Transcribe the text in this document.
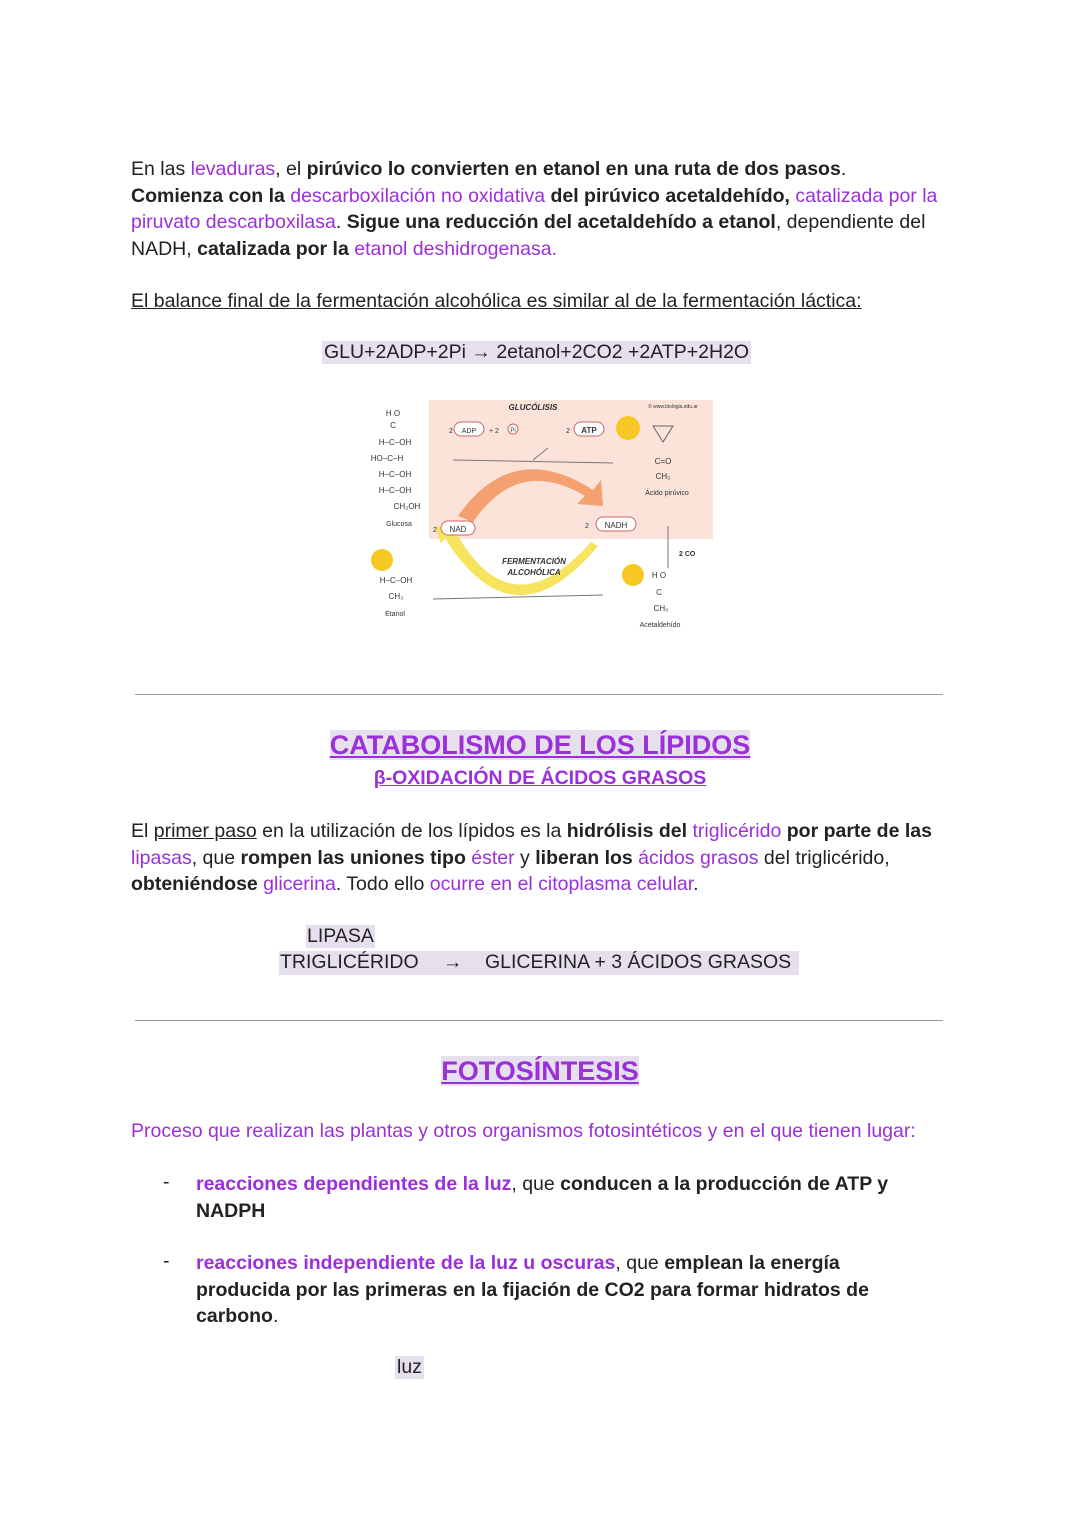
En las levaduras, el pirúvico lo convierten en etanol en una ruta de dos pasos.
Comienza con la descarboxilación no oxidativa del pirúvico acetaldehído, catalizada por la piruvato descarboxilasa. Sigue una reducción del acetaldehído a etanol, dependiente del NADH, catalizada por la etanol deshidrogenasa.

El balance final de la fermentación alcohólica es similar al de la fermentación láctica:

GLU+2ADP+2Pi → 2etanol+2CO2 +2ATP+2H2O
GLUCÓLISIS	© www.biologia.edu.ar
2 ADP + 2 Pi	2 ATP
2 NAD	2 NADH
2 CO
FERMENTACIÓN
ALCOHÓLICA
H O
C
H–C–OH
HO–C–H
H–C–OH
H–C–OH
CH₂OH
Glucosa
C=O
CH₃
Ácido pirúvico
H O
C
CH₃
Acetaldehído
H–C–OH
CH₃
Etanol
CATABOLISMO DE LOS LÍPIDOS
β-OXIDACIÓN DE ÁCIDOS GRASOS

El primer paso en la utilización de los lípidos es la hidrólisis del triglicérido por parte de las lipasas, que rompen las uniones tipo éster y liberan los ácidos grasos del triglicérido, obteniéndose glicerina. Todo ello ocurre en el citoplasma celular.

LIPASA
TRIGLICÉRIDO → GLICERINA + 3 ÁCIDOS GRASOS
FOTOSÍNTESIS

Proceso que realizan las plantas y otros organismos fotosintéticos y en el que tienen lugar:

- reacciones dependientes de la luz, que conducen a la producción de ATP y NADPH

- reacciones independiente de la luz u oscuras, que emplean la energía producida por las primeras en la fijación de CO2 para formar hidratos de carbono.

luz
